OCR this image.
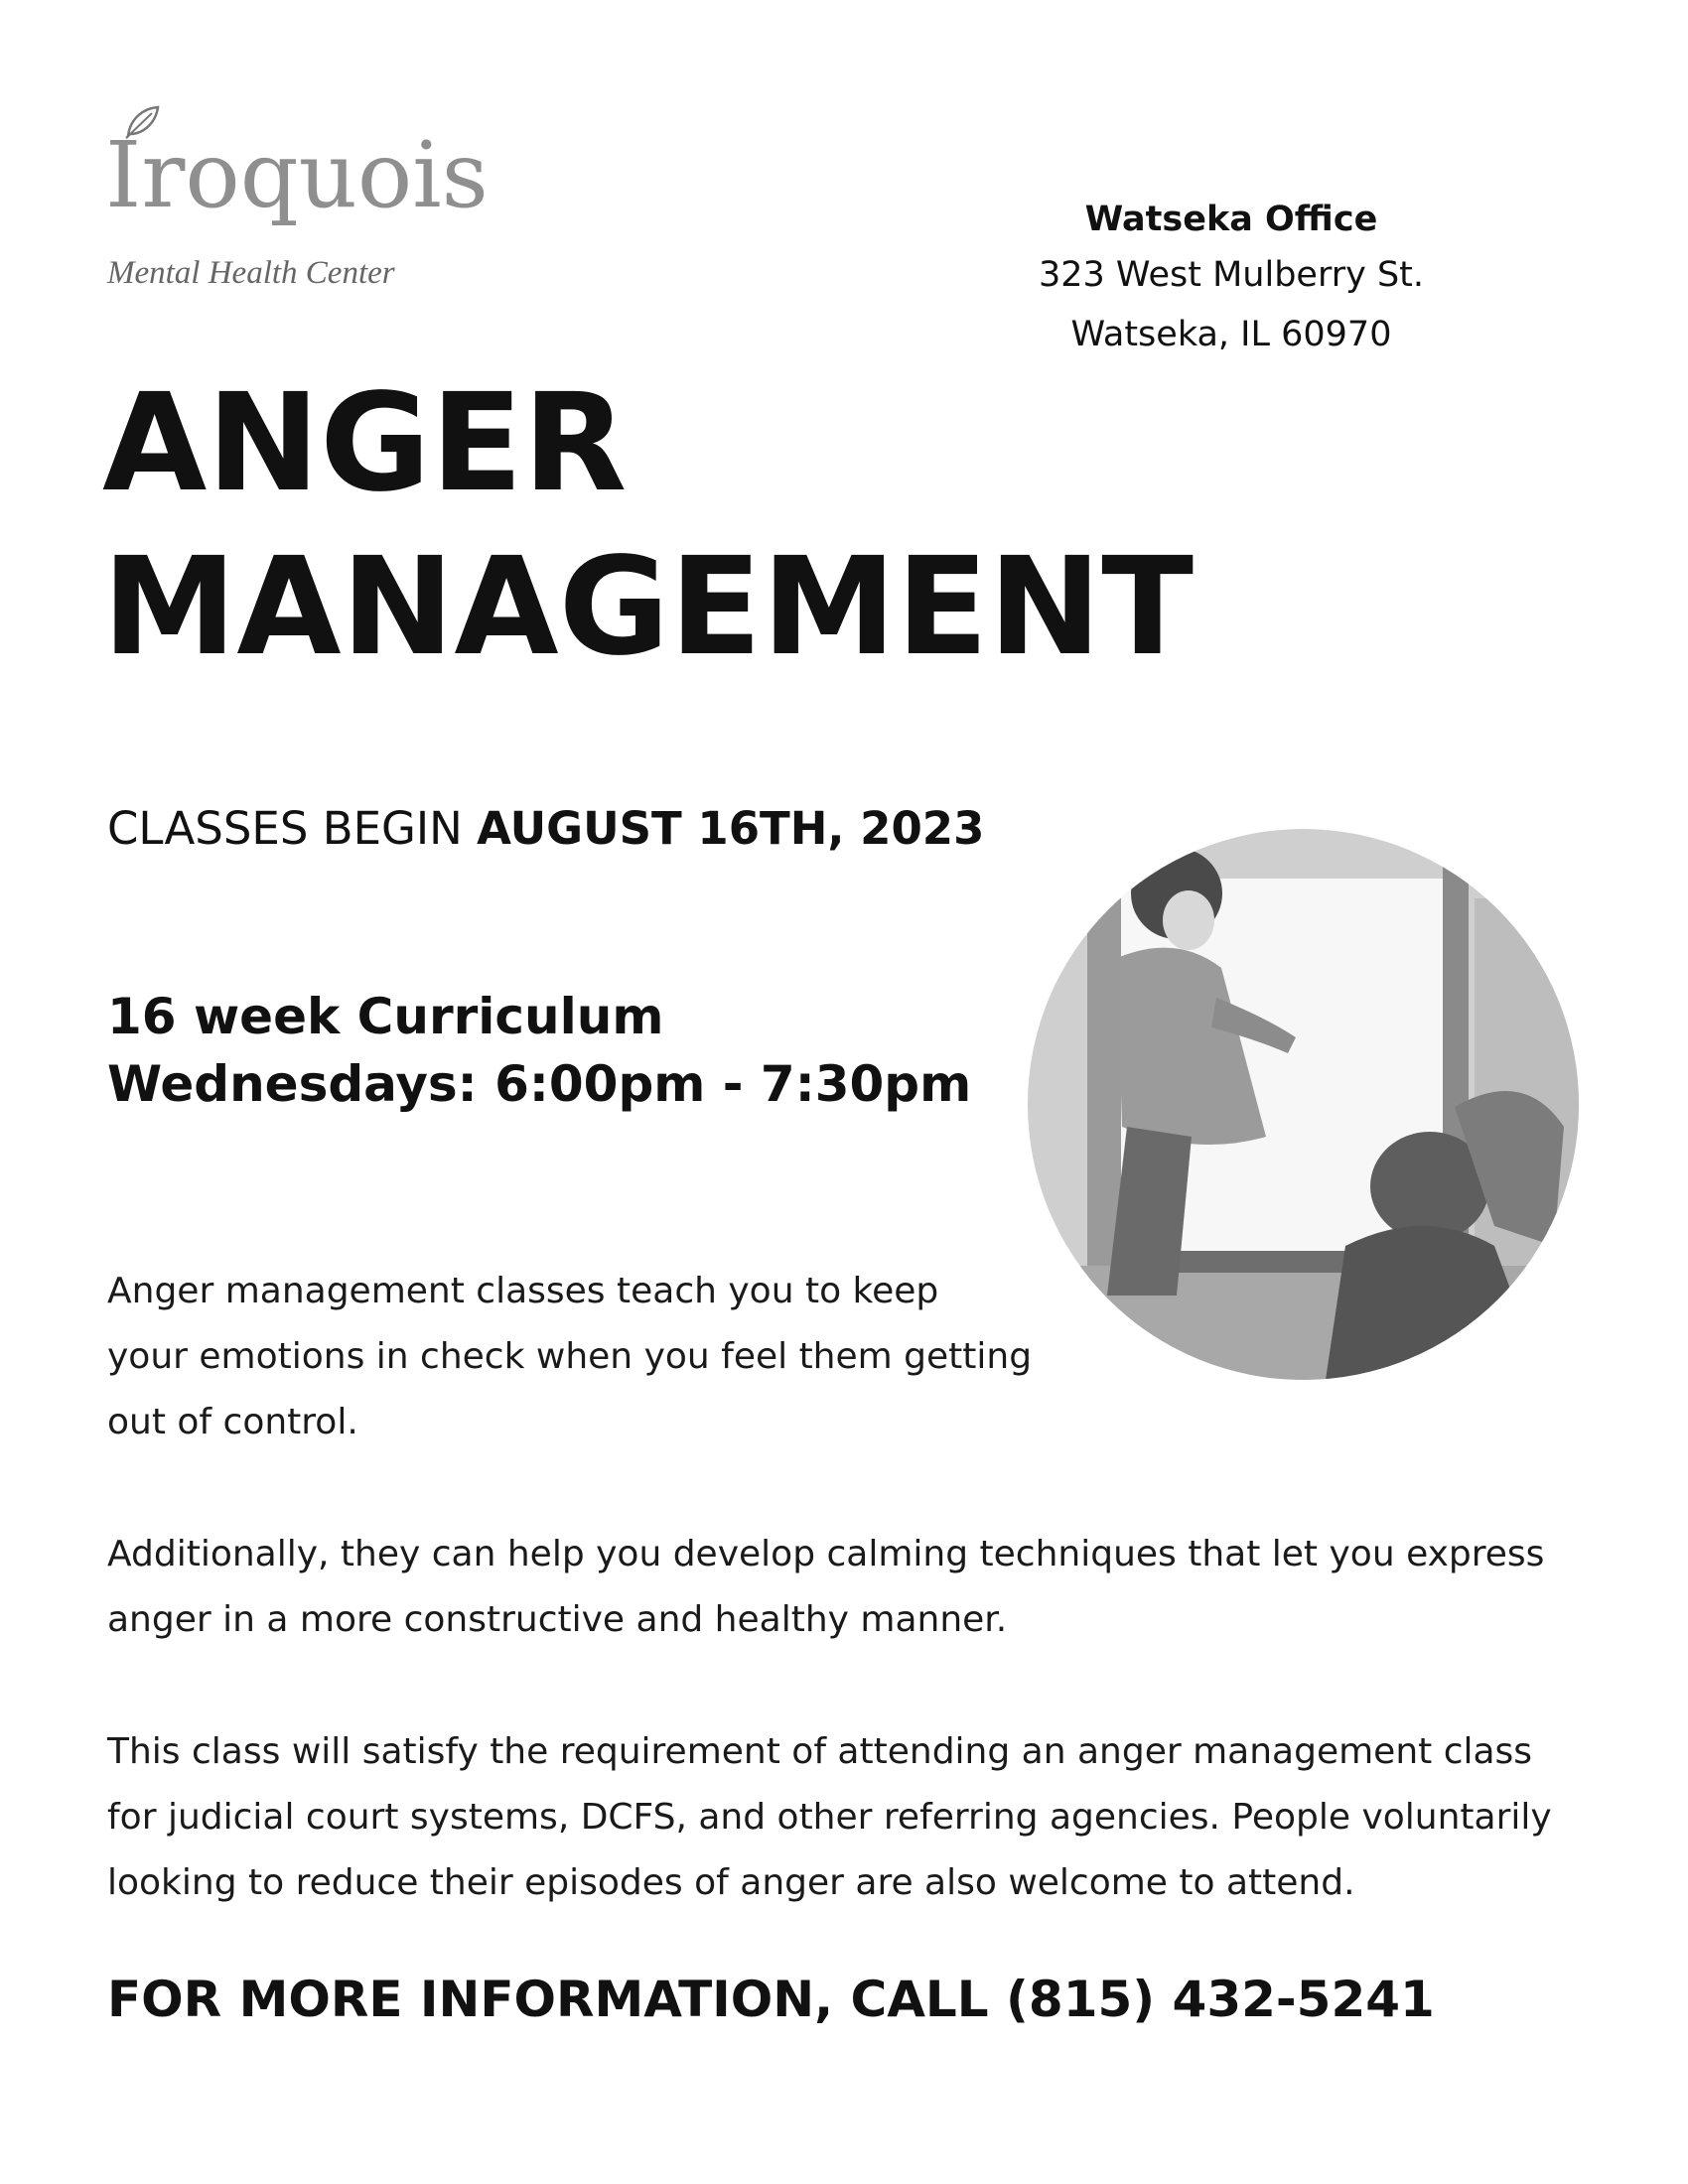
Iroquois
Mental Health Center
Watseka Office
323 West Mulberry St.
Watseka, IL 60970
ANGER
MANAGEMENT
CLASSES BEGIN AUGUST 16TH, 2023
16 week Curriculum
Wednesdays: 6:00pm - 7:30pm
Anger management classes teach you to keep
your emotions in check when you feel them getting
out of control.
Additionally, they can help you develop calming techniques that let you express
anger in a more constructive and healthy manner.
This class will satisfy the requirement of attending an anger management class
for judicial court systems, DCFS, and other referring agencies. People voluntarily
looking to reduce their episodes of anger are also welcome to attend.
FOR MORE INFORMATION, CALL (815) 432-5241
